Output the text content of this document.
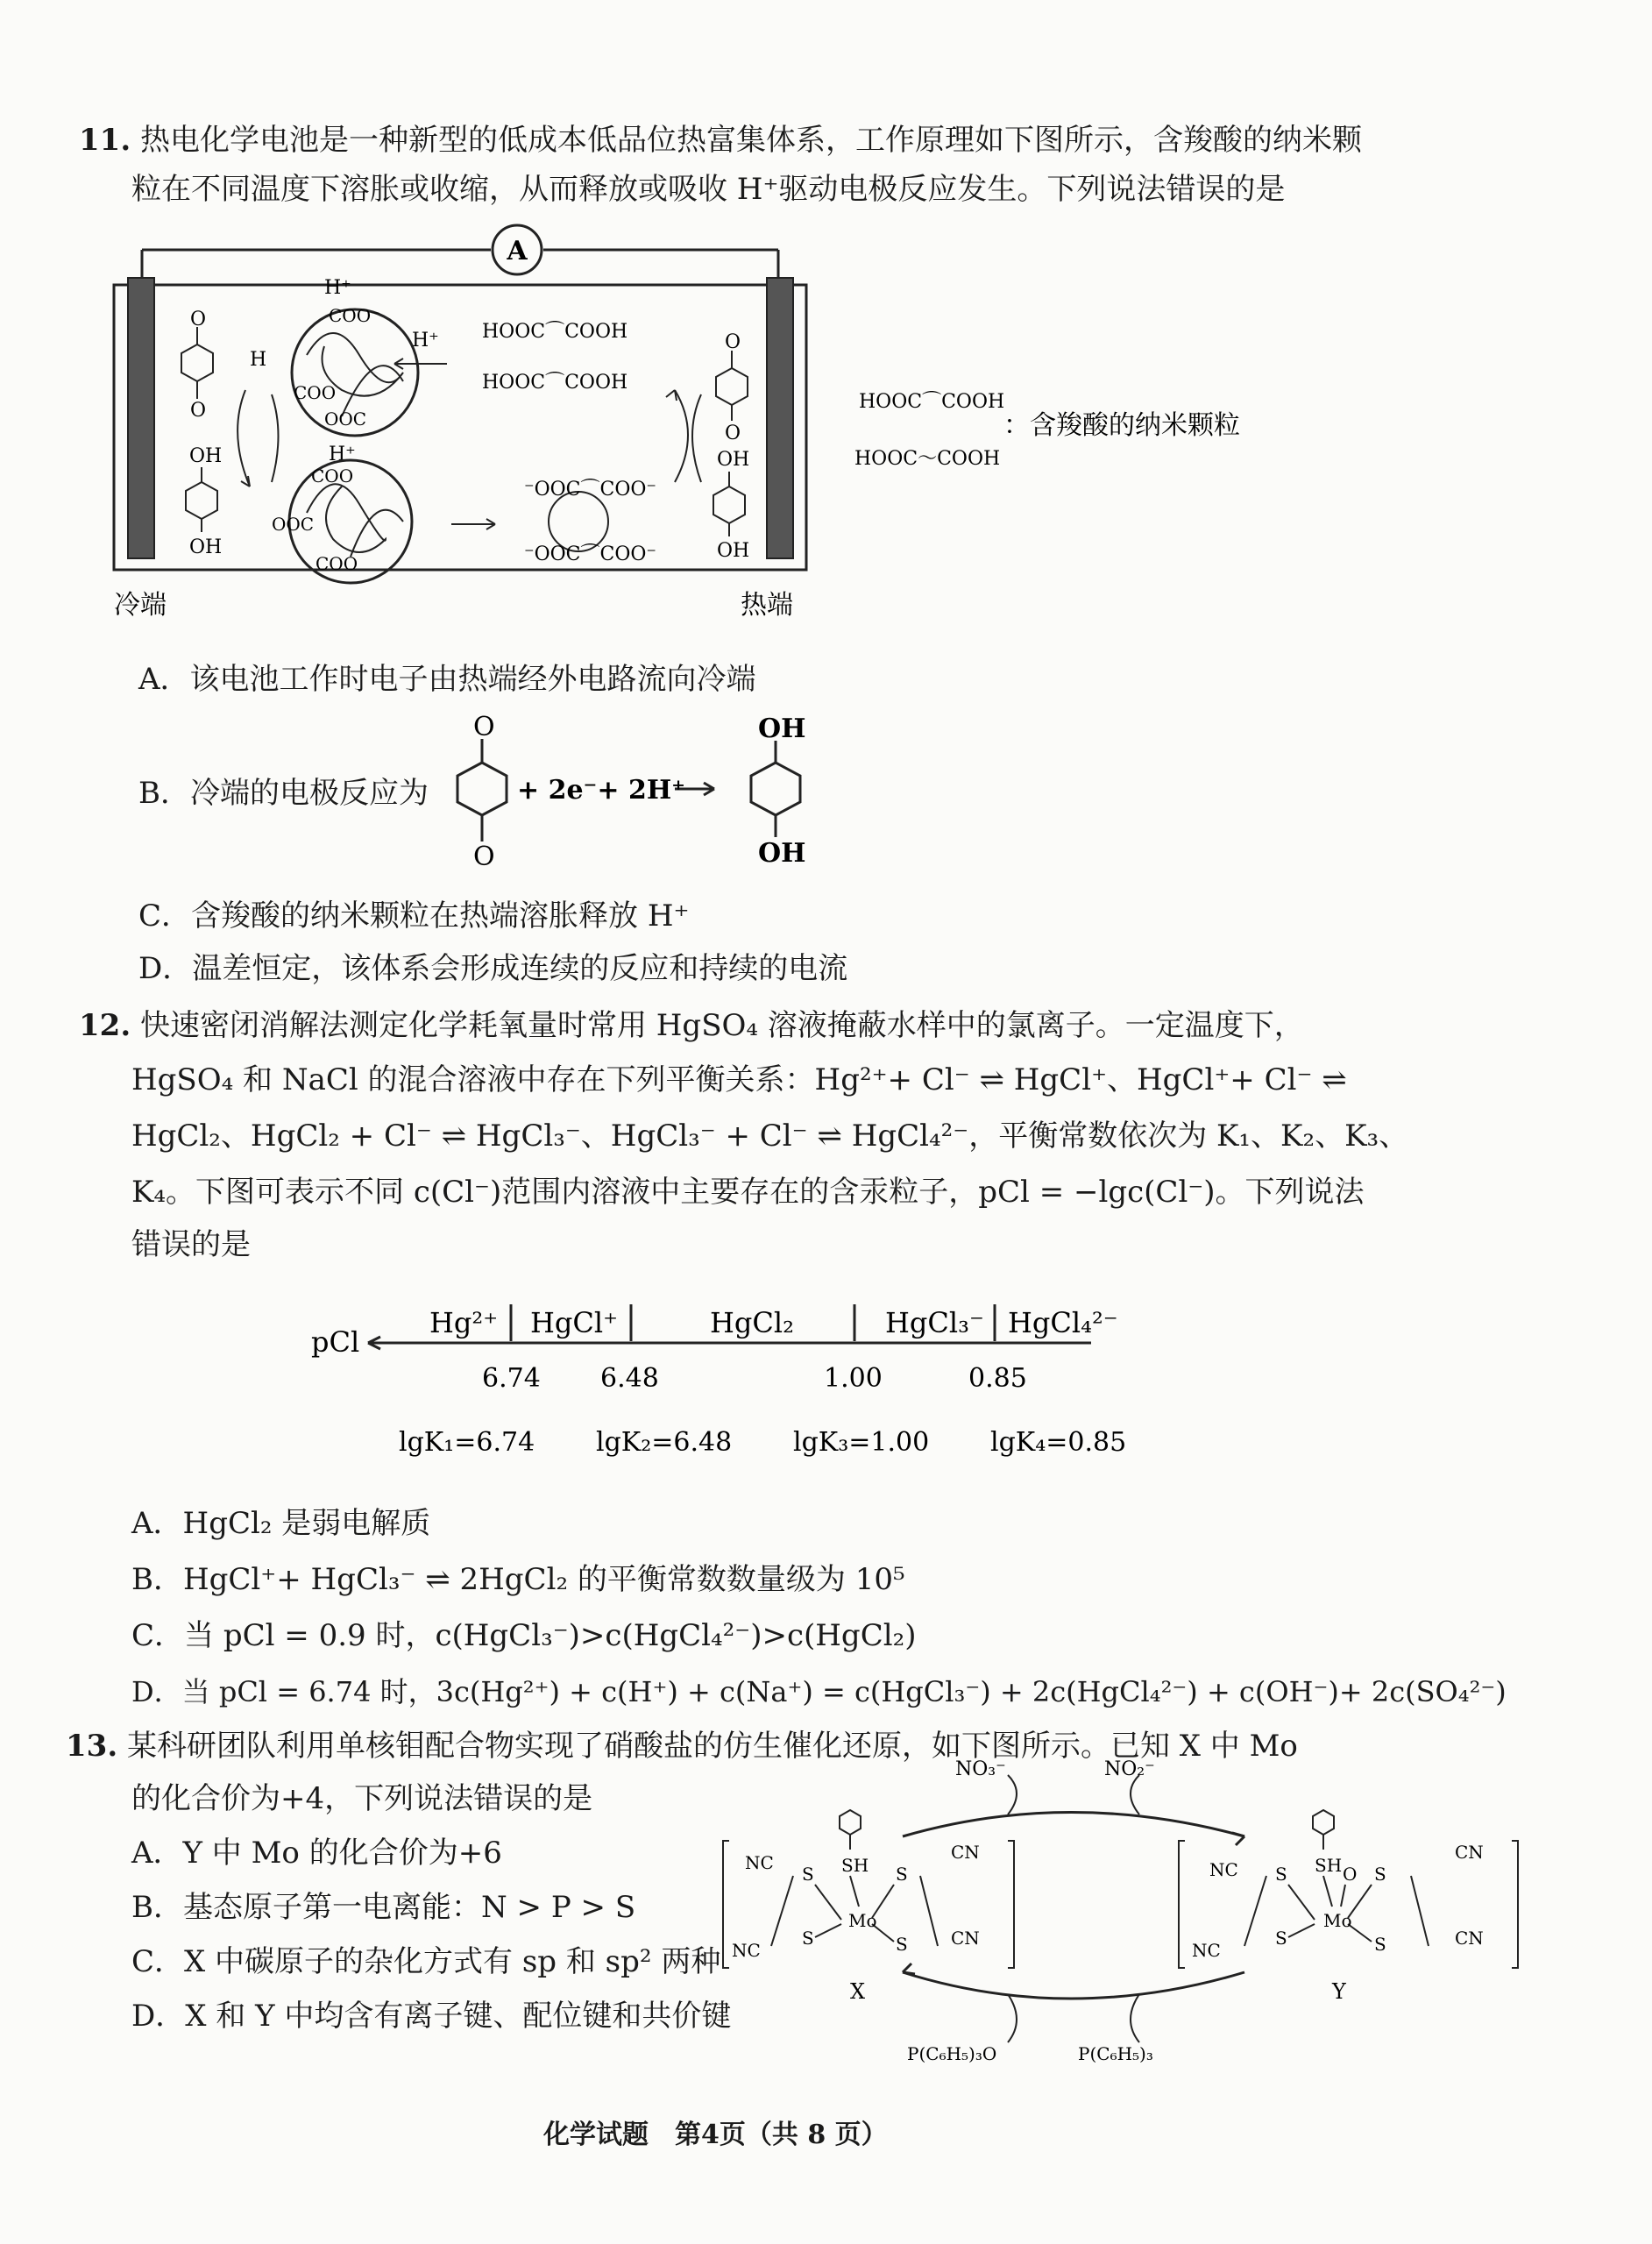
11. 热电化学电池是一种新型的低成本低品位热富集体系，工作原理如下图所示，含羧酸的纳米颗
粒在不同温度下溶胀或收缩，从而释放或吸收 H⁺驱动电极反应发生。下列说法错误的是
A
O
O
OH
OH
COO⁻
COO
OOC
H⁺
H⁺
H
H⁺
COO
OOC
COO
HOOC⌒COOH
HOOC⌒COOH
⁻OOC⌒COO⁻
⁻OOC⌒COO⁻
O
O
OH
OH
冷端	热端
HOOC⌒COOH
HOOC～COOH
：含羧酸的纳米颗粒
A．该电池工作时电子由热端经外电路流向冷端
B．冷端的电极反应为
O
O
OH
OH
+ 2e⁻+ 2H⁺
C．含羧酸的纳米颗粒在热端溶胀释放 H⁺
D．温差恒定，该体系会形成连续的反应和持续的电流
12. 快速密闭消解法测定化学耗氧量时常用 HgSO₄ 溶液掩蔽水样中的氯离子。一定温度下，
HgSO₄ 和 NaCl 的混合溶液中存在下列平衡关系：Hg²⁺+ Cl⁻ ⇌ HgCl⁺、HgCl⁺+ Cl⁻ ⇌
HgCl₂、HgCl₂ + Cl⁻ ⇌ HgCl₃⁻、HgCl₃⁻ + Cl⁻ ⇌ HgCl₄²⁻，平衡常数依次为 K₁、K₂、K₃、
K₄。下图可表示不同 c(Cl⁻)范围内溶液中主要存在的含汞粒子，pCl = −lgc(Cl⁻)。下列说法
错误的是
pCl
Hg²⁺ HgCl⁺	HgCl₂	HgCl₃⁻ HgCl₄²⁻
6.74 6.48	1.00	0.85
lgK₁=6.74 lgK₂=6.48 lgK₃=1.00 lgK₄=0.85
A．HgCl₂ 是弱电解质
B．HgCl⁺+ HgCl₃⁻ ⇌ 2HgCl₂ 的平衡常数数量级为 10⁵
C．当 pCl = 0.9 时，c(HgCl₃⁻)>c(HgCl₄²⁻)>c(HgCl₂)
D．当 pCl = 6.74 时，3c(Hg²⁺) + c(H⁺) + c(Na⁺) = c(HgCl₃⁻) + 2c(HgCl₄²⁻) + c(OH⁻)+ 2c(SO₄²⁻)
13. 某科研团队利用单核钼配合物实现了硝酸盐的仿生催化还原，如下图所示。已知 X 中 Mo
的化合价为+4，下列说法错误的是
A．Y 中 Mo 的化合价为+6
B．基态原子第一电离能：N > P > S
C．X 中碳原子的杂化方式有 sp 和 sp² 两种
D．X 和 Y 中均含有离子键、配位键和共价键
NO₃⁻	NO₂⁻
P(C₆H₅)₃O	P(C₆H₅)₃
SH
Mo
S
S
S
S
NC
NC
CN
CN
X
SH
Mo
O
S
S
S
S
NC
NC
CN
CN
Y
化学试题　第4页（共 8 页）
